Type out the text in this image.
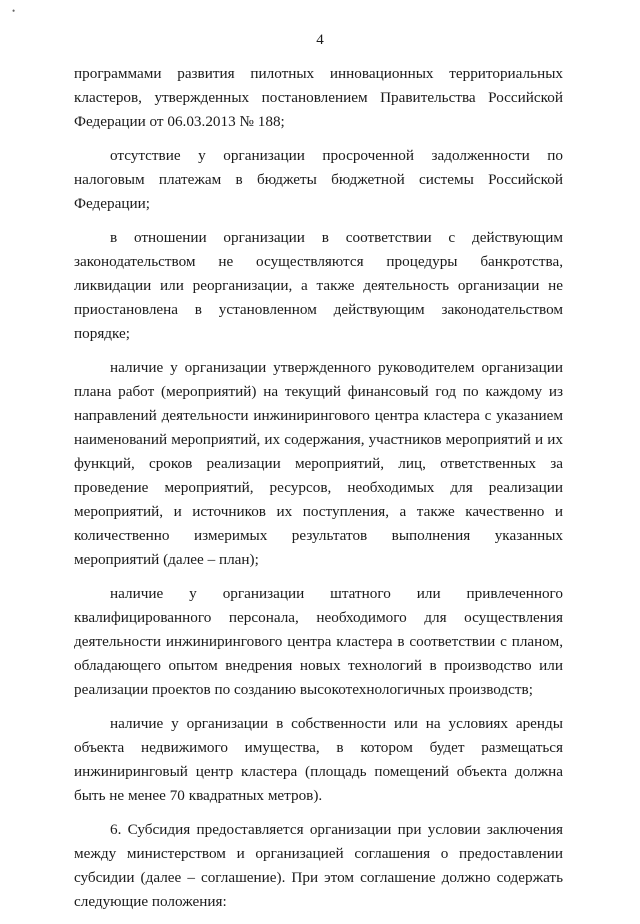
•
4

программами развития пилотных инновационных территориальных кластеров, утвержденных постановлением Правительства Российской Федерации от 06.03.2013 № 188;

отсутствие у организации просроченной задолженности по налоговым платежам в бюджеты бюджетной системы Российской Федерации;

в отношении организации в соответствии с действующим законодательством не осуществляются процедуры банкротства, ликвидации или реорганизации, а также деятельность организации не приостановлена в установленном действующим законодательством порядке;

наличие у организации утвержденного руководителем организации плана работ (мероприятий) на текущий финансовый год по каждому из направлений деятельности инжинирингового центра кластера с указанием наименований мероприятий, их содержания, участников мероприятий и их функций, сроков реализации мероприятий, лиц, ответственных за проведение мероприятий, ресурсов, необходимых для реализации мероприятий, и источников их поступления, а также качественно и количественно измеримых результатов выполнения указанных мероприятий (далее – план);

наличие у организации штатного или привлеченного квалифицированного персонала, необходимого для осуществления деятельности инжинирингового центра кластера в соответствии с планом, обладающего опытом внедрения новых технологий в производство или реализации проектов по созданию высокотехнологичных производств;

наличие у организации в собственности или на условиях аренды объекта недвижимого имущества, в котором будет размещаться инжиниринговый центр кластера (площадь помещений объекта должна быть не менее 70 квадратных метров).

6. Субсидия предоставляется организации при условии заключения между министерством и организацией соглашения о предоставлении субсидии (далее – соглашение). При этом соглашение должно содержать следующие положения:
